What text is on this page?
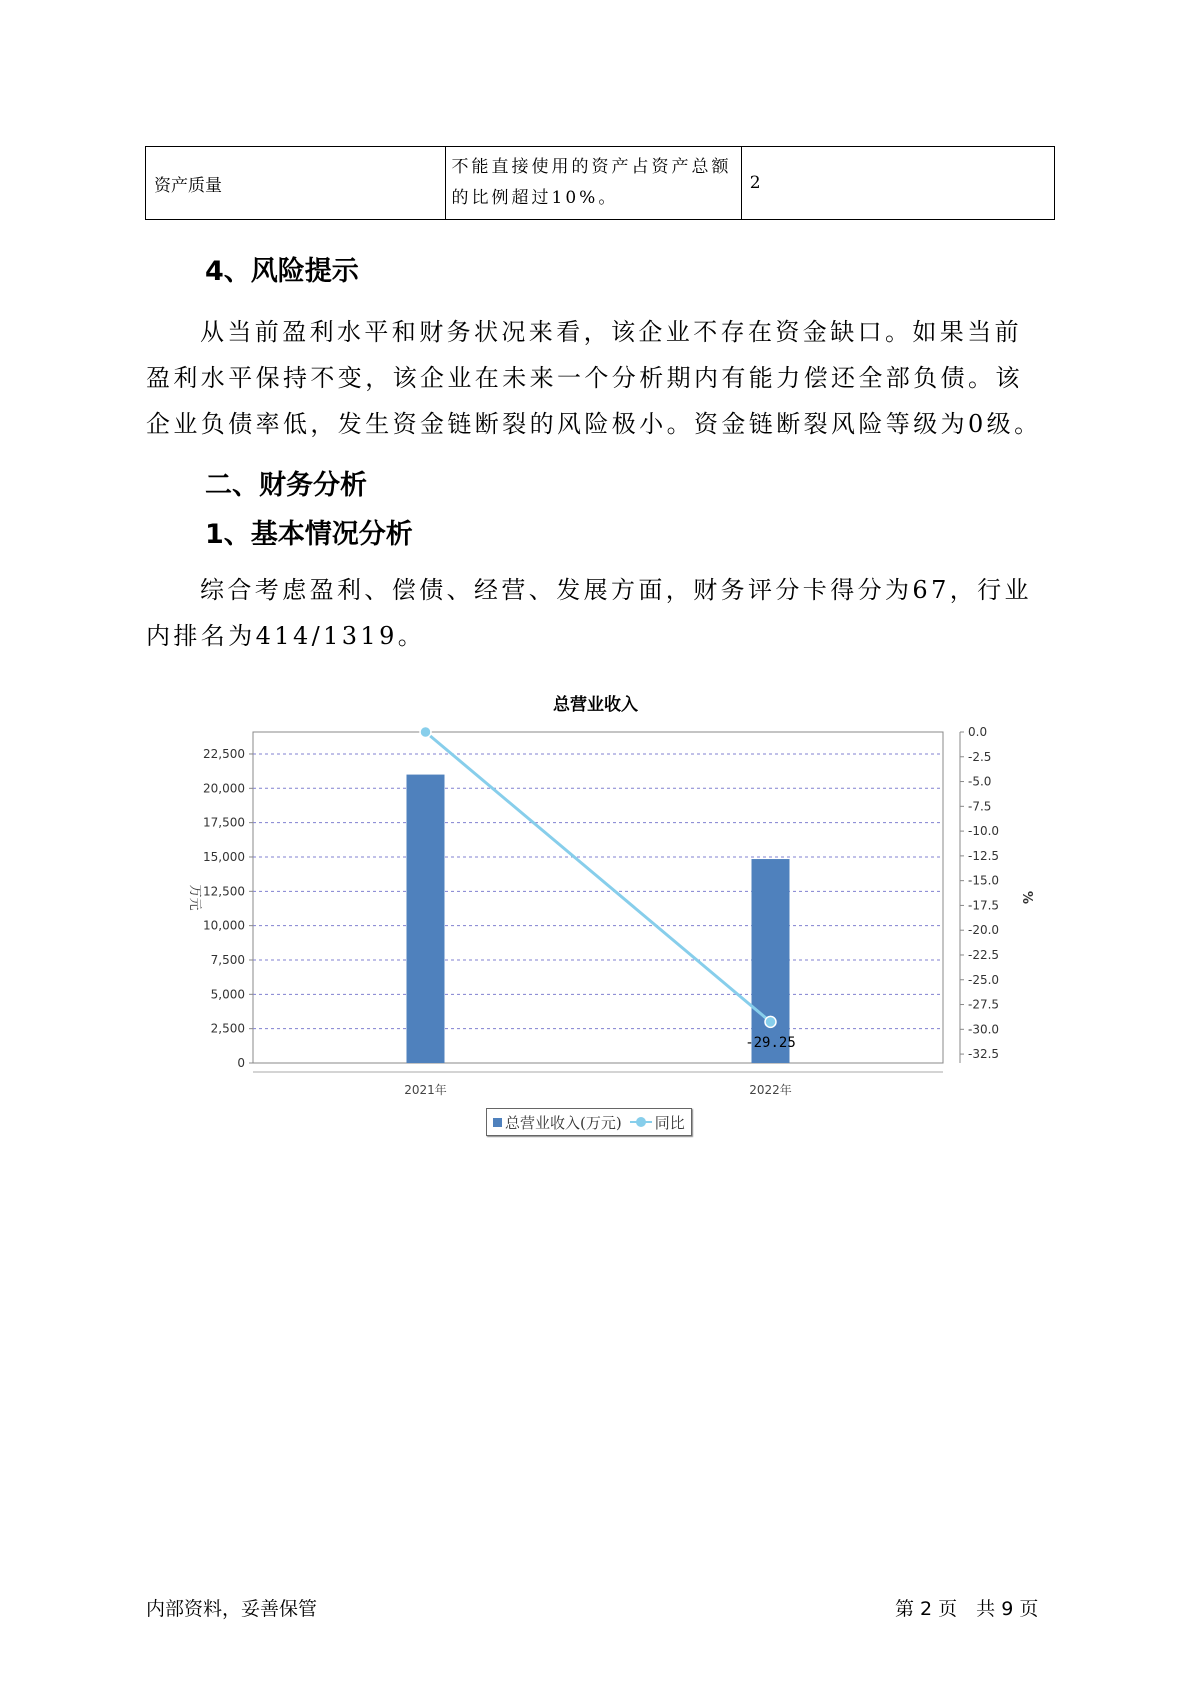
资产质量	不能直接使用的资产占资产总额的比例超过10%。	2
4、风险提示
从当前盈利水平和财务状况来看，该企业不存在资金缺口。如果当前盈利水平保持不变，该企业在未来一个分析期内有能力偿还全部负债。该企业负债率低，发生资金链断裂的风险极小。资金链断裂风险等级为0级。
二、财务分析
1、基本情况分析
综合考虑盈利、偿债、经营、发展方面，财务评分卡得分为67，行业内排名为414/1319。
总营业收入
0
2,500
5,000
7,500
10,000
12,500
15,000
17,500
20,000
22,500
0.0
-2.5
-5.0
-7.5
-10.0
-12.5
-15.0
-17.5
-20.0
-22.5
-25.0
-27.5
-30.0
-32.5
万元	%
2021年	2022年
-29.25
总营业收入(万元) 同比
内部资料，妥善保管	第 2 页　共 9 页
